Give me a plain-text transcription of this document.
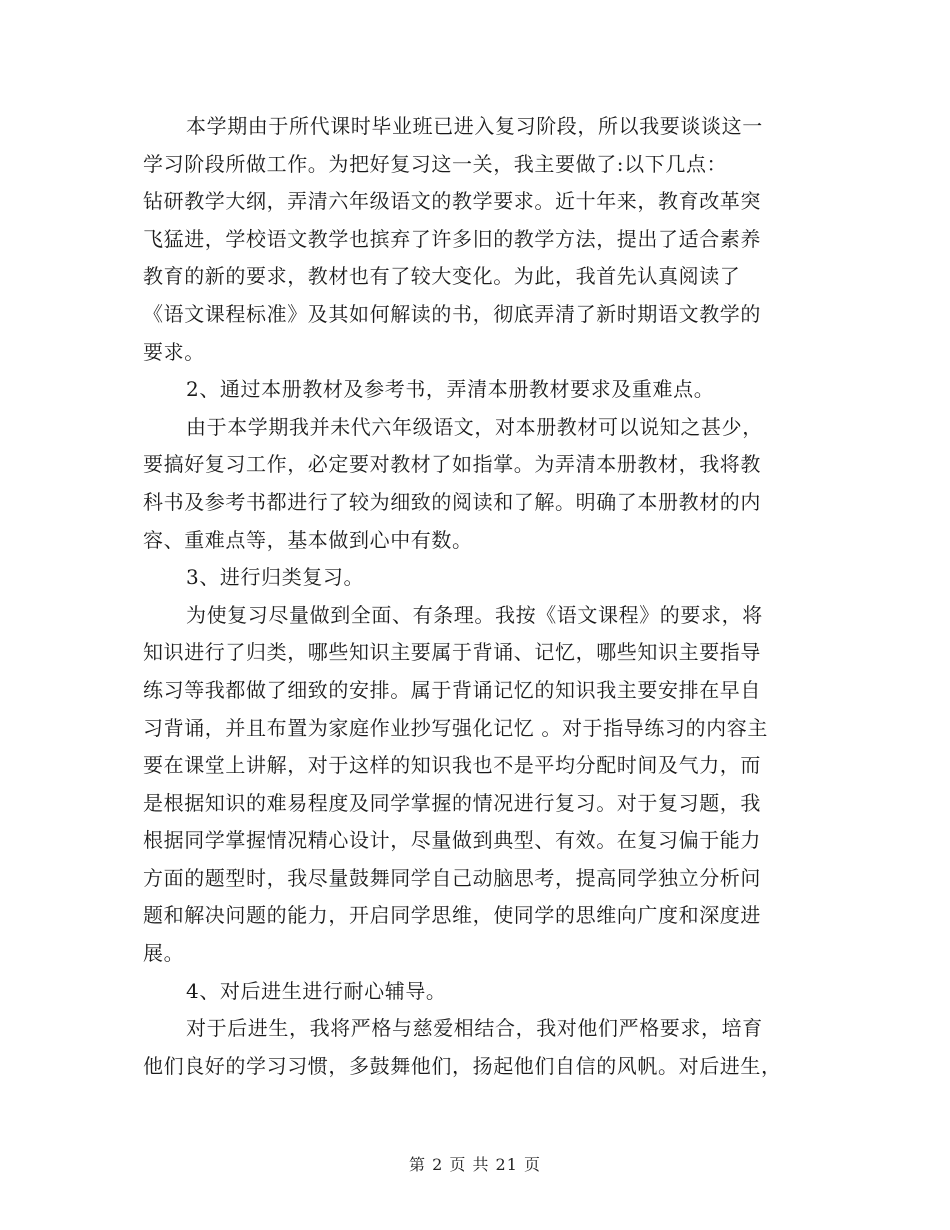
本学期由于所代课时毕业班已进入复习阶段，所以我要谈谈这一
学习阶段所做工作。为把好复习这一关，我主要做了:以下几点：
钻研教学大纲，弄清六年级语文的教学要求。近十年来，教育改革突
飞猛进，学校语文教学也摈弃了许多旧的教学方法，提出了适合素养
教育的新的要求，教材也有了较大变化。为此，我首先认真阅读了
《语文课程标准》及其如何解读的书，彻底弄清了新时期语文教学的
要求。
2、通过本册教材及参考书，弄清本册教材要求及重难点。
由于本学期我并未代六年级语文，对本册教材可以说知之甚少，
要搞好复习工作，必定要对教材了如指掌。为弄清本册教材，我将教
科书及参考书都进行了较为细致的阅读和了解。明确了本册教材的内
容、重难点等，基本做到心中有数。
3、进行归类复习。
为使复习尽量做到全面、有条理。我按《语文课程》的要求，将
知识进行了归类，哪些知识主要属于背诵、记忆，哪些知识主要指导
练习等我都做了细致的安排。属于背诵记忆的知识我主要安排在早自
习背诵，并且布置为家庭作业抄写强化记忆 。对于指导练习的内容主
要在课堂上讲解，对于这样的知识我也不是平均分配时间及气力，而
是根据知识的难易程度及同学掌握的情况进行复习。对于复习题，我
根据同学掌握情况精心设计，尽量做到典型、有效。在复习偏于能力
方面的题型时，我尽量鼓舞同学自己动脑思考，提高同学独立分析问
题和解决问题的能力，开启同学思维，使同学的思维向广度和深度进
展。
4、对后进生进行耐心辅导。
对于后进生，我将严格与慈爱相结合，我对他们严格要求，培育
他们良好的学习习惯，多鼓舞他们，扬起他们自信的风帆。对后进生，
第 2 页 共 21 页
